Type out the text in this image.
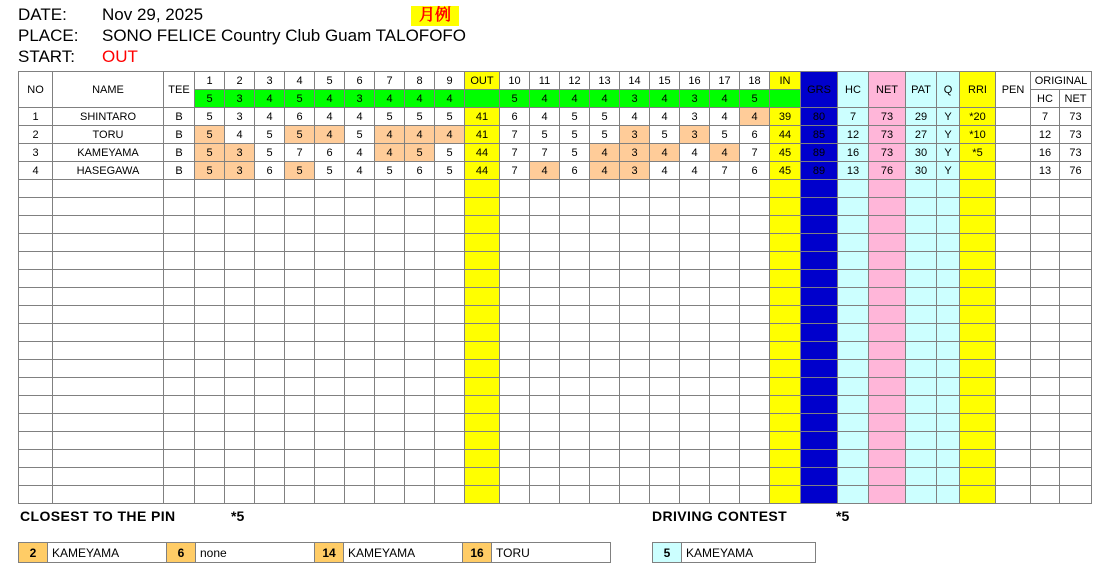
DATE:	Nov 29, 2025
PLACE:	SONO FELICE Country Club Guam TALOFOFO
START:	OUT
月例
NO	NAME	TEE	1	2	3	4	5	6	7	8	9	OUT	10	11	12	13	14	15	16	17	18	IN	GRS	HC	NET	PAT	Q	RRI	PEN	ORIGINAL	
			5	3	4	5	4	3	4	4	4		5	4	4	4	3	4	3	4	5									HC	NET
1	SHINTARO	B	5	3	4	6	4	4	5	5	5	41	6	4	5	5	4	4	3	4	4	39	80	7	73	29	Y	*20		7	73
2	TORU	B	5	4	5	5	4	5	4	4	4	41	7	5	5	5	3	5	3	5	6	44	85	12	73	27	Y	*10		12	73
3	KAMEYAMA	B	5	3	5	7	6	4	4	5	5	44	7	7	5	4	3	4	4	4	7	45	89	16	73	30	Y	*5		16	73
4	HASEGAWA	B	5	3	6	5	5	4	5	6	5	44	7	4	6	4	3	4	4	7	6	45	89	13	76	30	Y			13	76

CLOSEST TO THE PIN	*5
2	KAMEYAMA	6	none	14	KAMEYAMA	16	TORU
DRIVING CONTEST	*5
5	KAMEYAMA
